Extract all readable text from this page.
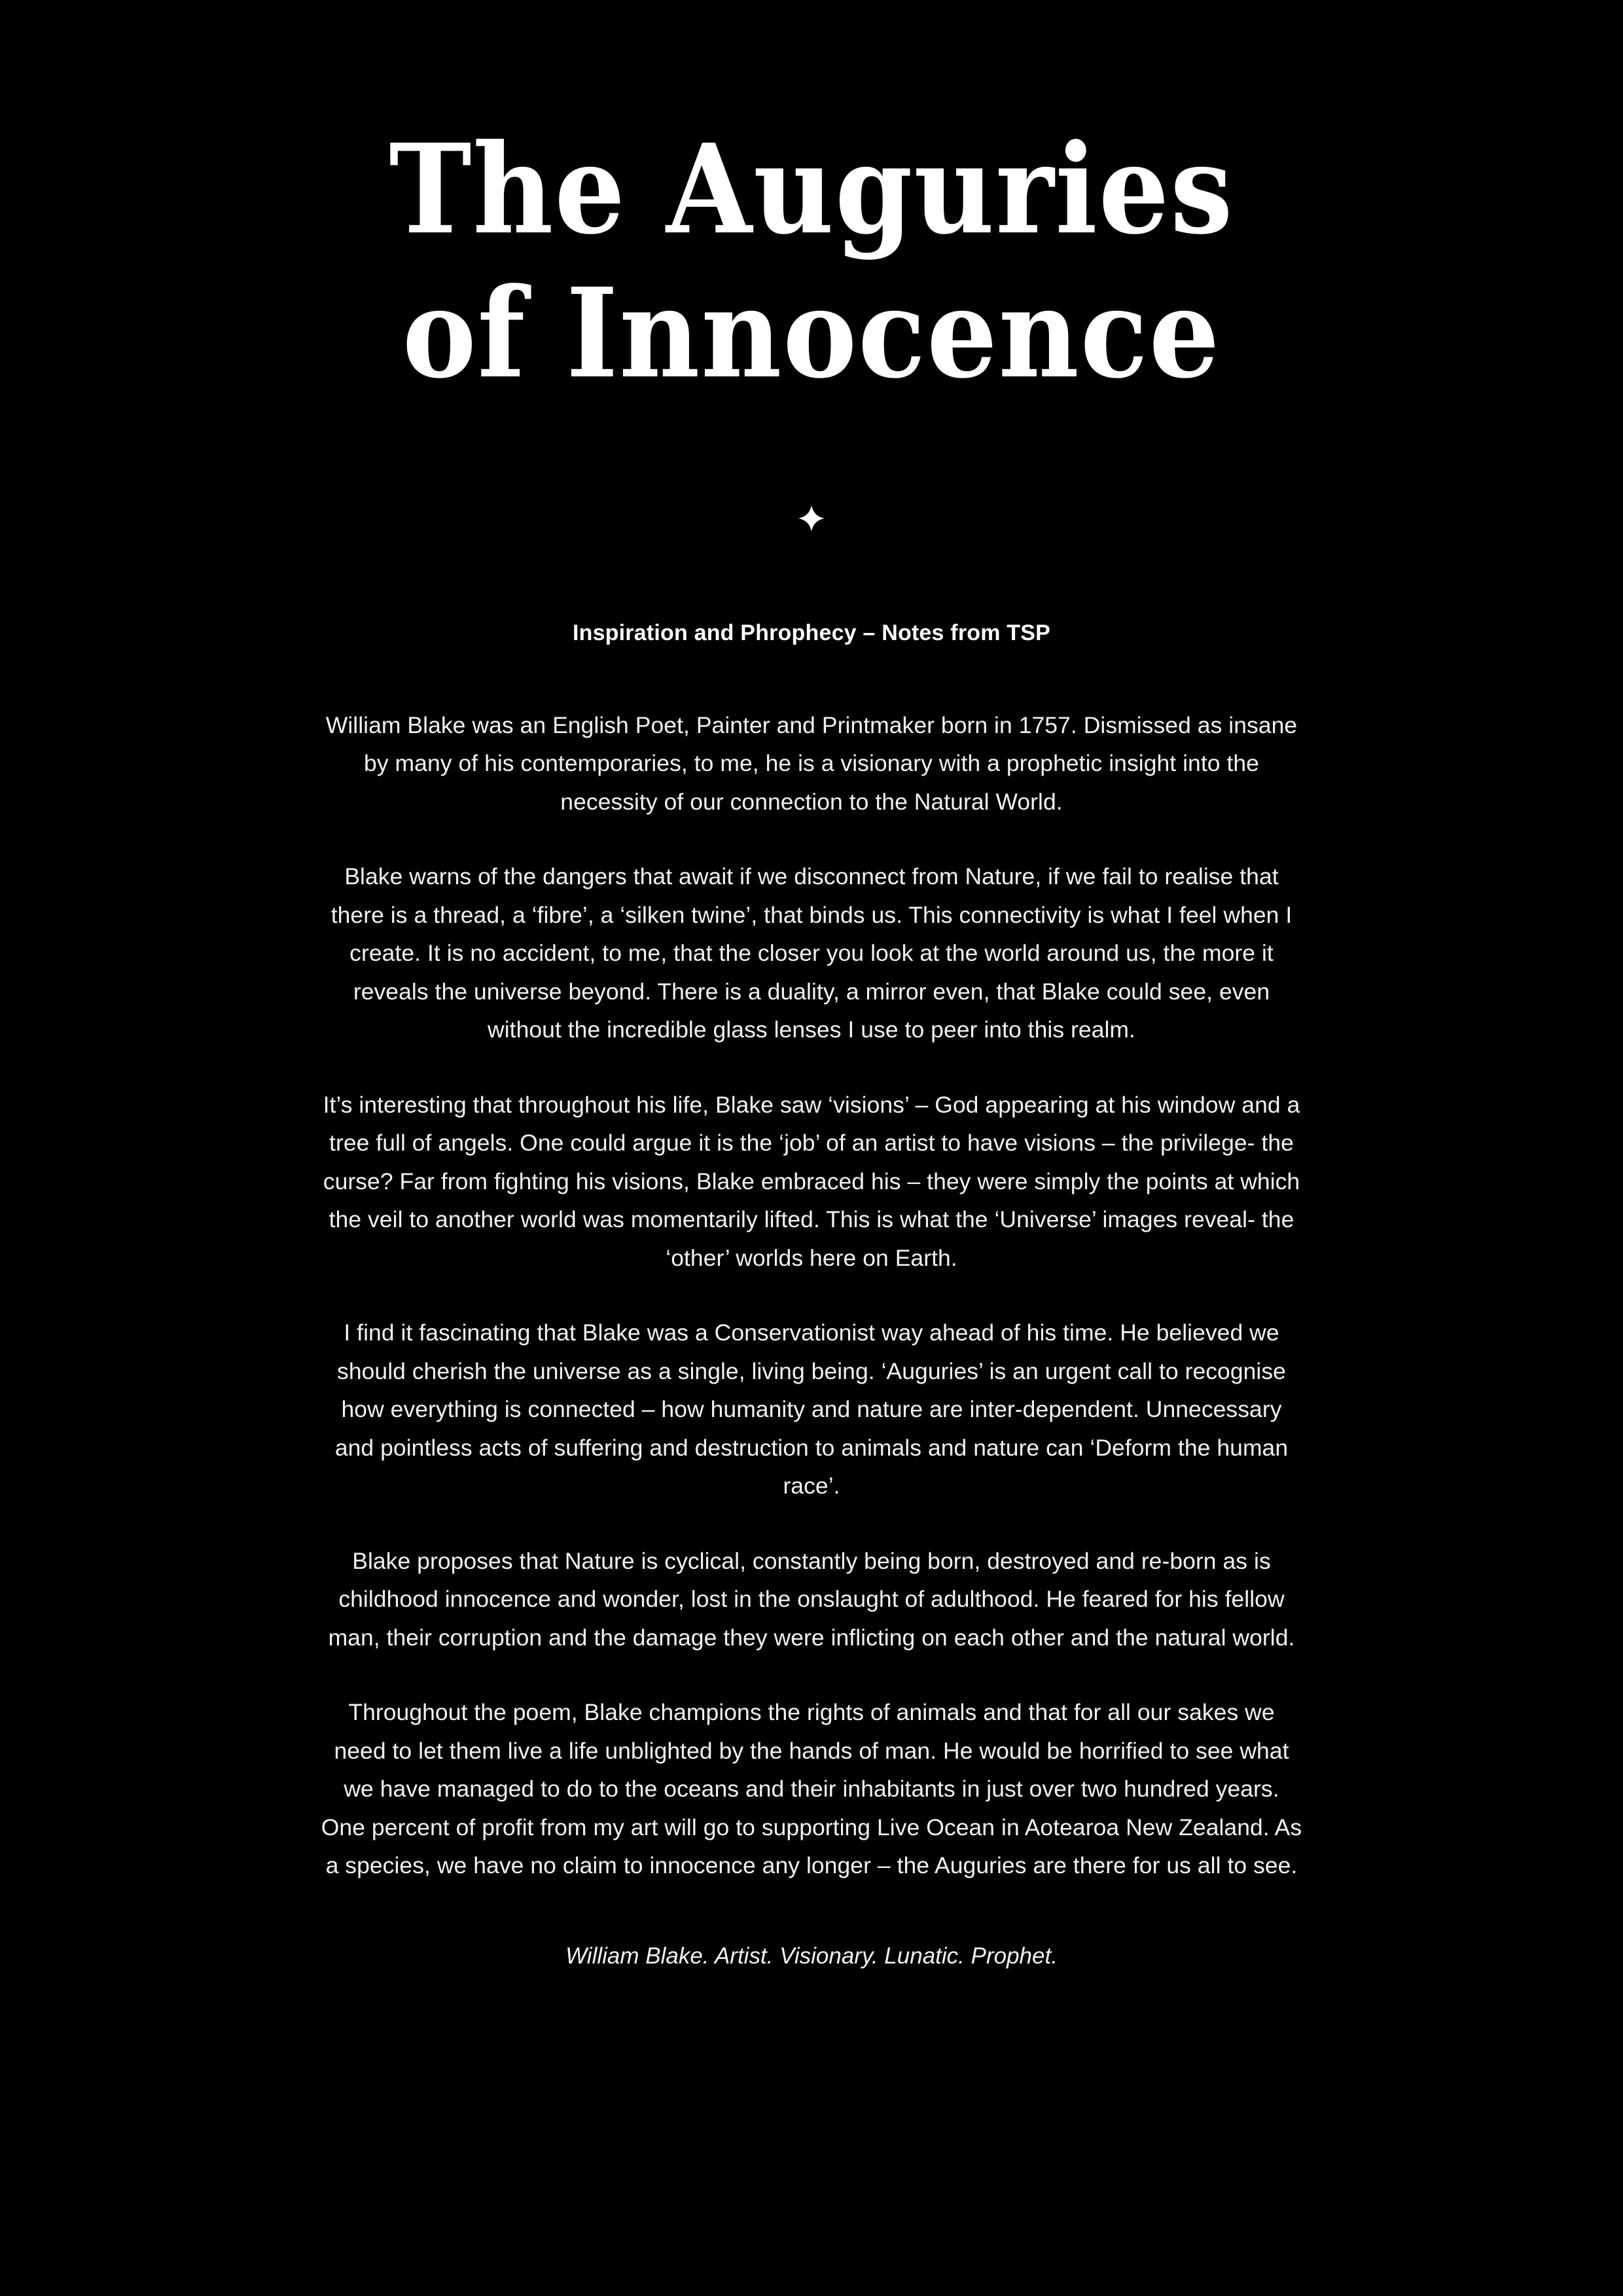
The Auguries
of Innocence
Inspiration and Phrophecy – Notes from TSP

William Blake was an English Poet, Painter and Printmaker born in 1757. Dismissed as insane by many of his contemporaries, to me, he is a visionary with a prophetic insight into the necessity of our connection to the Natural World.

Blake warns of the dangers that await if we disconnect from Nature, if we fail to realise that there is a thread, a ‘fibre’, a ‘silken twine’, that binds us. This connectivity is what I feel when I create. It is no accident, to me, that the closer you look at the world around us, the more it reveals the universe beyond. There is a duality, a mirror even, that Blake could see, even without the incredible glass lenses I use to peer into this realm.

It’s interesting that throughout his life, Blake saw ‘visions’ – God appearing at his window and a tree full of angels. One could argue it is the ‘job’ of an artist to have visions – the privilege- the curse? Far from fighting his visions, Blake embraced his – they were simply the points at which the veil to another world was momentarily lifted. This is what the ‘Universe’ images reveal- the ‘other’ worlds here on Earth.

I find it fascinating that Blake was a Conservationist way ahead of his time. He believed we should cherish the universe as a single, living being. ‘Auguries’ is an urgent call to recognise how everything is connected – how humanity and nature are inter-dependent. Unnecessary and pointless acts of suffering and destruction to animals and nature can ‘Deform the human race’.

Blake proposes that Nature is cyclical, constantly being born, destroyed and re-born as is childhood innocence and wonder, lost in the onslaught of adulthood. He feared for his fellow man, their corruption and the damage they were inflicting on each other and the natural world.

Throughout the poem, Blake champions the rights of animals and that for all our sakes we need to let them live a life unblighted by the hands of man. He would be horrified to see what we have managed to do to the oceans and their inhabitants in just over two hundred years. One percent of profit from my art will go to supporting Live Ocean in Aotearoa New Zealand. As a species, we have no claim to innocence any longer – the Auguries are there for us all to see.

William Blake. Artist. Visionary. Lunatic. Prophet.
